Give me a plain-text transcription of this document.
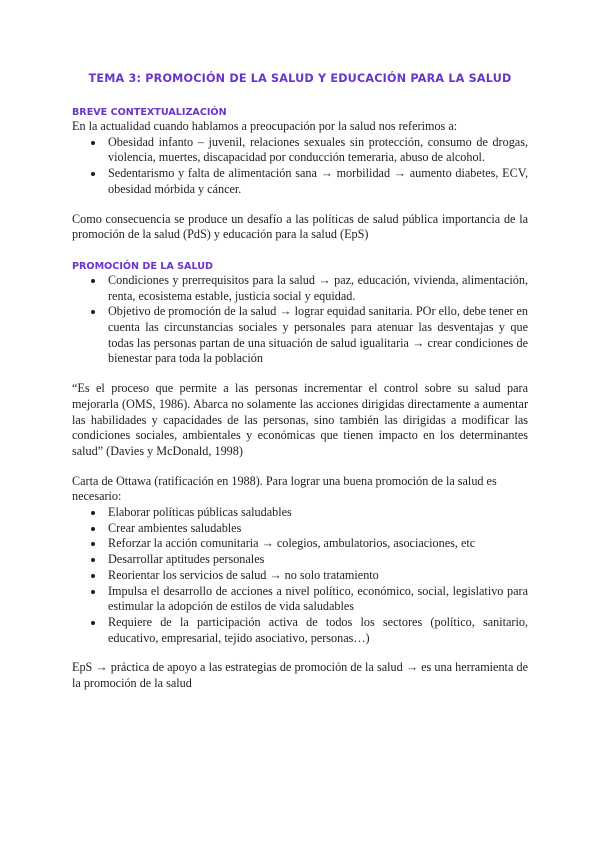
TEMA 3: PROMOCIÓN DE LA SALUD Y EDUCACIÓN PARA LA SALUD
BREVE CONTEXTUALIZACIÓN

En la actualidad cuando hablamos a preocupación por la salud nos referimos a:

Obesidad infanto – juvenil, relaciones sexuales sin protección, consumo de drogas, violencia, muertes, discapacidad por conducción temeraria, abuso de alcohol.
Sedentarismo y falta de alimentación sana → morbilidad → aumento diabetes, ECV, obesidad mórbida y cáncer.

Como consecuencia se produce un desafío a las políticas de salud pública importancia de la promoción de la salud (PdS) y educación para la salud (EpS)

PROMOCIÓN DE LA SALUD
Condiciones y prerrequisitos para la salud → paz, educación, vivienda, alimentación, renta, ecosistema estable, justicia social y equidad.
Objetivo de promoción de la salud → lograr equidad sanitaria. POr ello, debe tener en cuenta las circunstancias sociales y personales para atenuar las desventajas y que todas las personas partan de una situación de salud igualitaria → crear condiciones de bienestar para toda la población

“Es el proceso que permite a las personas incrementar el control sobre su salud para mejorarla (OMS, 1986). Abarca no solamente las acciones dirigidas directamente a aumentar las habilidades y capacidades de las personas, sino también las dirigidas a modificar las condiciones sociales, ambientales y económicas que tienen impacto en los determinantes salud” (Davies y McDonald, 1998)

Carta de Ottawa (ratificación en 1988). Para lograr una buena promoción de la salud es necesario:

Elaborar políticas públicas saludables
Crear ambientes saludables
Reforzar la acción comunitaria → colegios, ambulatorios, asociaciones, etc
Desarrollar aptitudes personales
Reorientar los servicios de salud → no solo tratamiento
Impulsa el desarrollo de acciones a nivel político, económico, social, legislativo para estimular la adopción de estilos de vida saludables
Requiere de la participación activa de todos los sectores (político, sanitario, educativo, empresarial, tejido asociativo, personas…)

EpS → práctica de apoyo a las estrategias de promoción de la salud → es una herramienta de la promoción de la salud
